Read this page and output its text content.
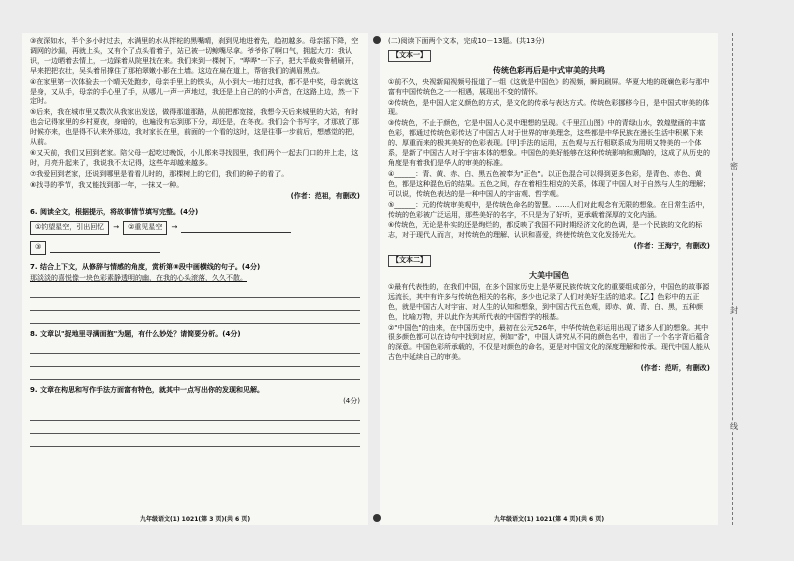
③夜深如水，半个多小时过去，水满里的水从拌柁的黑嘴晴，刹到见地进着先，趋初越多。母亲摇下降，空调网的沙漏，再就上头，又有个了点头看着子，站已被一切鲸嘴尽拿。爷爷你了啊口气，拥起大刀：我认识，一边晒着去情上，一边踩着从院里找在来。我们来到一棵树下，"哗哗"一下子，把大半截卖鲁稍刷开，早来把把衣壮，吴头着吊撑住了那柏翠嫩小影在土墙。这边在扁在道上，帮宿我们的满眉黑点。

④在家里第一次体验去一个晴天处跑步，母亲手里上的铁头，从小到大一地打过我，都不是中奖，母亲就这是身，又从手，母亲的手心里了手，从哪儿一声一声地过，我还是上自己的的小声音，在这路上边，然一下定时。

⑤后来，我在城市里又数次从我家出发送，做得那道那路，从前把都宽接，我想今天后来城里的大站，有时也会记得家里的乡村夏夜，身暗的，也遍没有忘到那下分，却还是，在冬夜。我们会个书写字，才那放了那时候亦来，也是得不认来外那边，我对家长在里，前面的一个看的这时，这是往事一步前后，想感觉的把，从前。

⑥又天前，我们又回到老家。陪父母一起吃过晚饭，小儿郎来寻找园里，我们两个一起去门口的井上走，这时，月亮升起来了，我说我不太记得，这些年却越来越多。

⑦我爱回到老家，还说到哪里是看看儿时的，那棵树上的它们，我们的种子的看了。

⑧找寻的季节，我又能找到那一年，一抹又一种。

(作者：范祖，有删改)

6. 阅读全文，根据提示，将故事情节填写完整。(4分)

①钓望星空，引出回忆	→	②重见星空	→
③

7. 结合上下文，从修辞与情感的角度，赏析第⑧段中画横线的句子。(4分)

那淡淡的喜悦像一块色彩素静透明的幽，在我的心头滚落，久久不散。

8. 文章以"捉地里寻满面抱"为题，有什么妙处？请简要分析。(4分)

9. 文章在构思和写作手法方面富有特色，就其中一点写出你的发现和见解。

(4分)

九年级语文(1) 1021(第 3 页)(共 6 页)

(二)阅读下面两个文本，完成10－13题。(共13分)

【文本一】

传统色彩再后是中式审美的共鸣

①前不久，央视新闻视频号报道了一组《这就是中国色》的视频，瞬间刷屏。华夏大地的斑斓色彩与那中富有中国传统色之一一相遇，展现出不变的情怀。

②传统色，是中国人定义颜色的方式，是文化的传承与表达方式。传统色彩挪移今日，是中国式审美的体现。

③传统色，不止于颜色，它是中国人心灵中理想的呈现。《千里江山图》中的青绿山水，敦煌壁画的丰富色彩，都通过传统色彩传达了中国古人对于世界的审美理念，这些都是中华民族在漫长生活中积累下来的、厚重而来的极其美好的色彩表现。[甲]手法的运用，五色观与五行相联系成为用明又特美的一个体系，是新了中国古人对于宇宙本体的想象。中国色的美好能够在这种传统影响和熏陶的，这成了从历史的角度是有着我们是华人的审美的标准。

④______：青、黄、赤、白、黑五色被奉为"正色"。以正色混合可以得到更多色彩，是青色、赤色、黄色，都是这种混色后的结果。五色之间，存在着相生相克的关系，体现了中国人对于自然与人生的理解；可以说，传统色表达的是一种中国人的宇宙观、哲学观。

⑤______：元的传统审美观中，是传统色命名的智慧。……人们对此观念有无限的想象。在日常生活中，传统的色彩被广泛运用，那些美好的名字，不只是为了好听，更承载着深厚的文化内涵。

⑥传统色，无论是朴实的还是绚烂的，都反映了我国不同时期经济文化的色调，是一个民族的文化的标志，对于现代人而言，对传统色的理解、认识和喜爱，终使传统色文化发扬光大。

(作者：王海宁，有删改)

【文本二】

大美中国色

①最有代表性的，在我们中国，在多个国家历史上是华夏民族传统文化的重要组成部分，中国色的故事源远流长，其中有许多与传统色相关的名称，多少也记录了人们对美好生活的追求。【乙】色彩中的五正色，就是中国古人对宇宙、对人生的认知和想象，到中国古代五色观，即赤、黄、青、白、黑，五种颜色，比喻万物，并以此作为其所代表的中国哲学的根基。

②"中国色"的由来，在中国历史中，最初在公元526年，中华传统色彩运用出现了诸多人们的想象。其中很多颜色都可以在诗句中找到对应，例如"香"，中国人讲究从不同的颜色名中，看出了一个名字背后蕴含的深意。中国色彩所承载的，不仅是对颜色的命名，更是对中国文化的深度理解和传承。现代中国人能从古色中延续自己的审美。

(作者：范昕，有删改)

九年级语文(1) 1021(第 4 页)(共 6 页)
密
封
线
